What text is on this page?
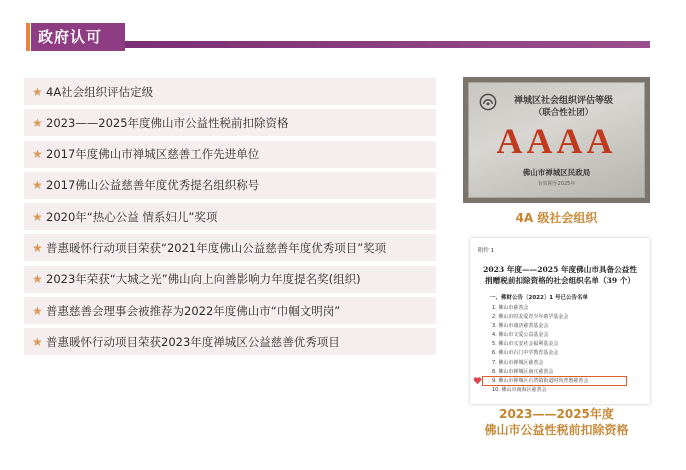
政府认可
★ 4A社会组织评估定级
★ 2023——2025年度佛山市公益性税前扣除资格
★ 2017年度佛山市禅城区慈善工作先进单位
★ 2017佛山公益慈善年度优秀提名组织称号
★ 2020年“热心公益 情系妇儿”奖项
★ 普惠暖怀行动项目荣获“2021年度佛山公益慈善年度优秀项目”奖项
★ 2023年荣获“大城之光”佛山向上向善影响力年度提名奖(组织)
★ 普惠慈善会理事会被推荐为2022年度佛山市“巾帼文明岗”
★ 普惠暖怀行动项目荣获2023年度禅城区公益慈善优秀项目
禅城区社会组织评估等级
（联合性社团）
AAAA
佛山市禅城区民政局
有效期至2025年
4A 级社会组织
附件 1
2023 年度——2025 年度佛山市具备公益性
捐赠税前扣除资格的社会组织名单（39 个）
一、佛财公告〔2022〕1 号已公告名单
1. 佛山市慈善会
2. 佛山市时友爱青少年助学基金会
3. 佛山市康济慈善基金会
4. 佛山市文爱公益基金会
5. 佛山市义安社会福利基金会
6. 佛山市石门中学教育基金会
7. 佛山市禅城区慈善会
8. 佛山市禅城区南庄慈善会
9. 佛山市禅城区石湾镇街道时尚普惠慈善会
10. 佛山市南海区慈善会
2023——2025年度
佛山市公益性税前扣除资格
